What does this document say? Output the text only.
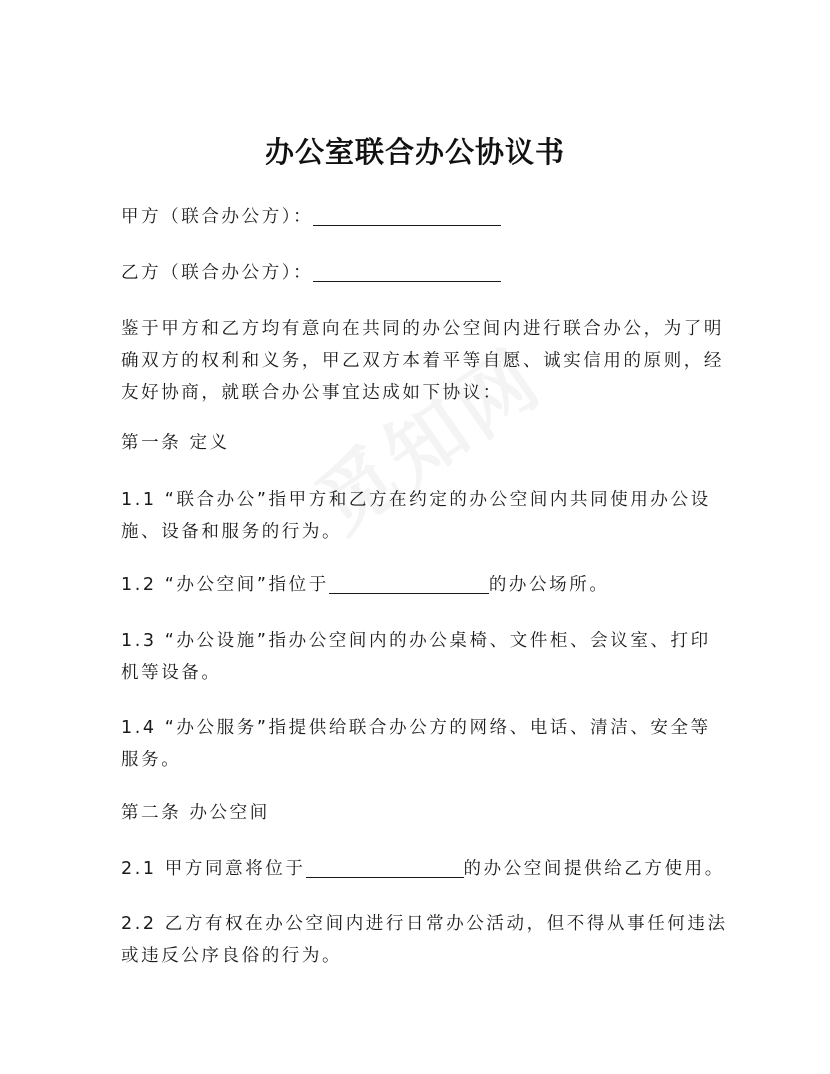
办公室联合办公协议书
甲方（联合办公方）：
乙方（联合办公方）：
鉴于甲方和乙方均有意向在共同的办公空间内进行联合办公，为了明
确双方的权利和义务，甲乙双方本着平等自愿、诚实信用的原则，经
友好协商，就联合办公事宜达成如下协议：
第一条 定义
1.1 “联合办公”指甲方和乙方在约定的办公空间内共同使用办公设
施、设备和服务的行为。
1.2 “办公空间”指位于	的办公场所。
1.3 “办公设施”指办公空间内的办公桌椅、文件柜、会议室、打印
机等设备。
1.4 “办公服务”指提供给联合办公方的网络、电话、清洁、安全等
服务。
第二条 办公空间
2.1 甲方同意将位于	的办公空间提供给乙方使用。
2.2 乙方有权在办公空间内进行日常办公活动，但不得从事任何违法
或违反公序良俗的行为。
